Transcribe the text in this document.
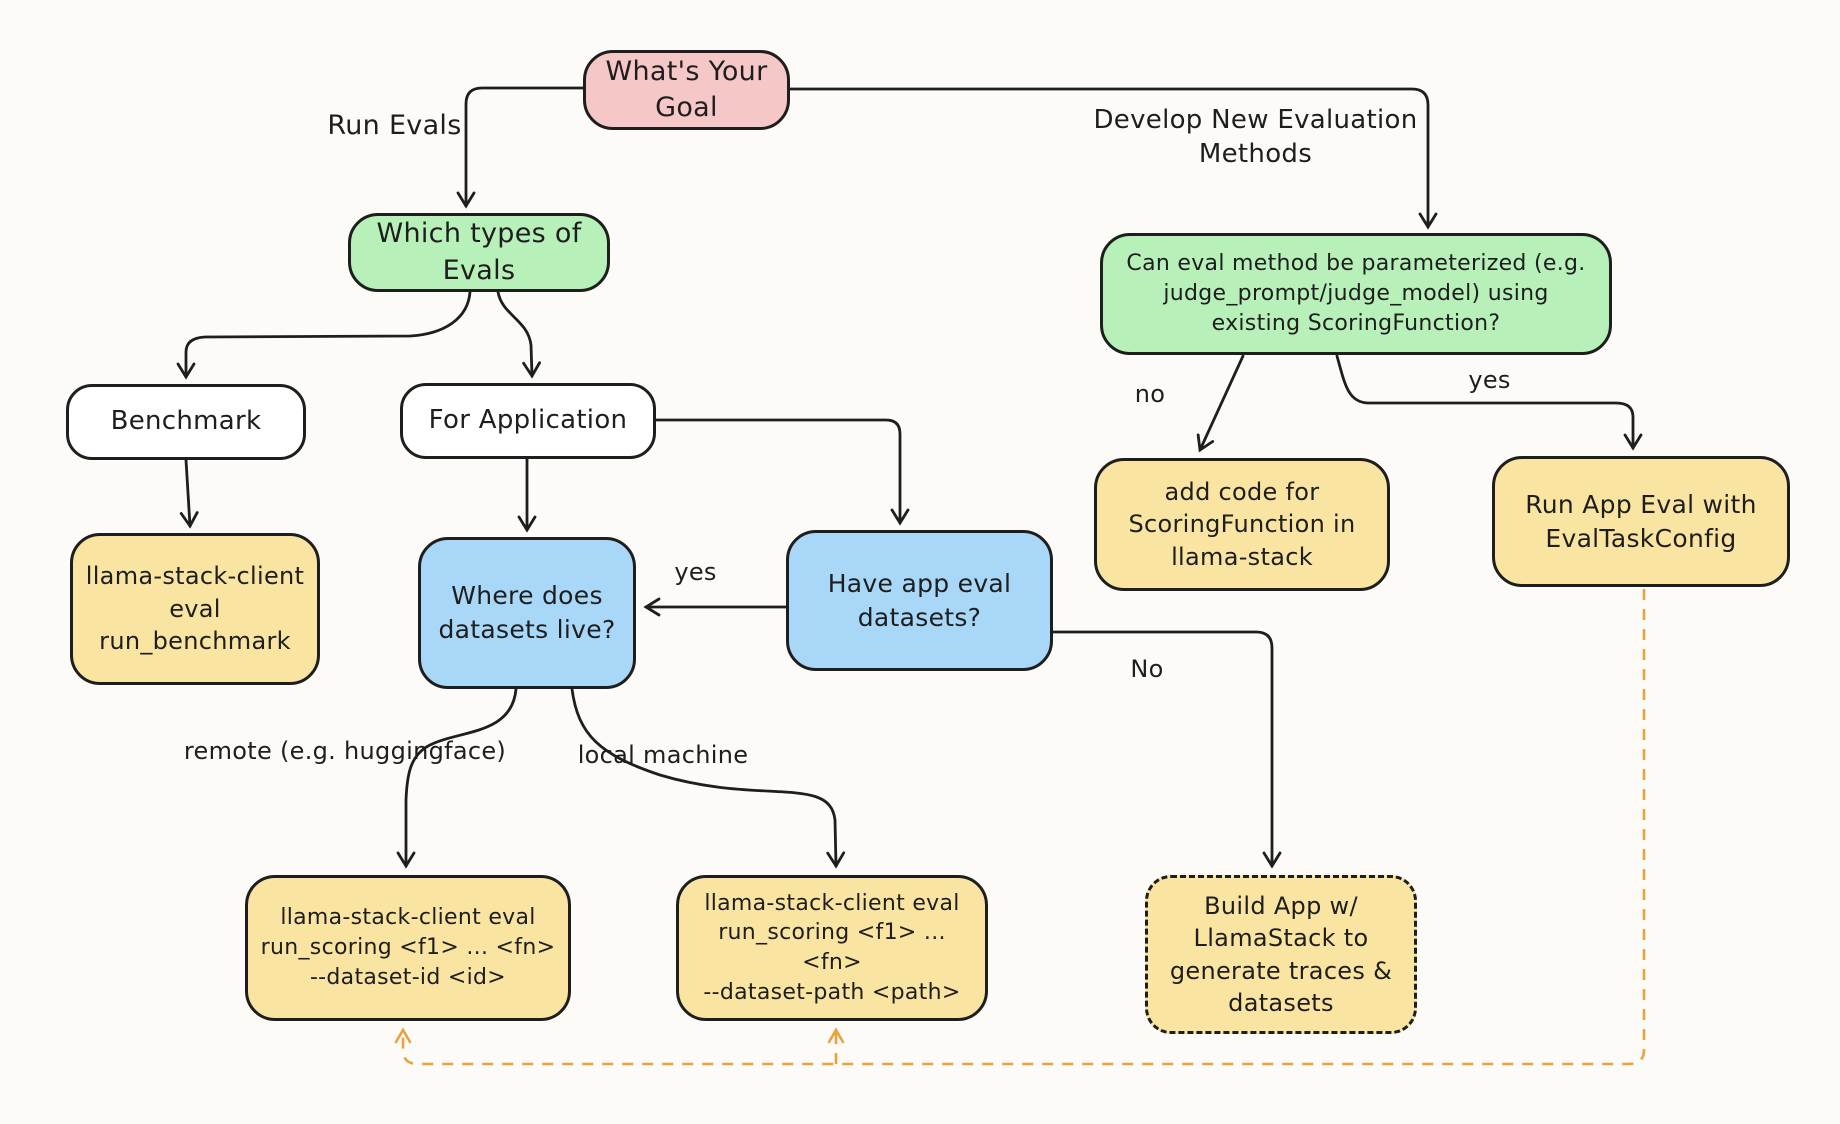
What's Your
Goal
Which types of
Evals	Can eval method be parameterized (e.g.
judge_prompt/judge_model) using
existing ScoringFunction?
Benchmark	For Application
llama-stack-client
eval run_benchmark
Where does
datasets live?
Have app eval
datasets?
add code for
ScoringFunction in
llama-stack
Run App Eval with
EvalTaskConfig
llama-stack-client eval
run_scoring <f1> ... <fn>
--dataset-id <id>
llama-stack-client eval
run_scoring <f1> ... <fn>
--dataset-path <path>
Build App w/
LlamaStack to
generate traces &
datasets
Run Evals	Develop New Evaluation
Methods
no	yes
yes
No
remote (e.g. huggingface)	local machine
